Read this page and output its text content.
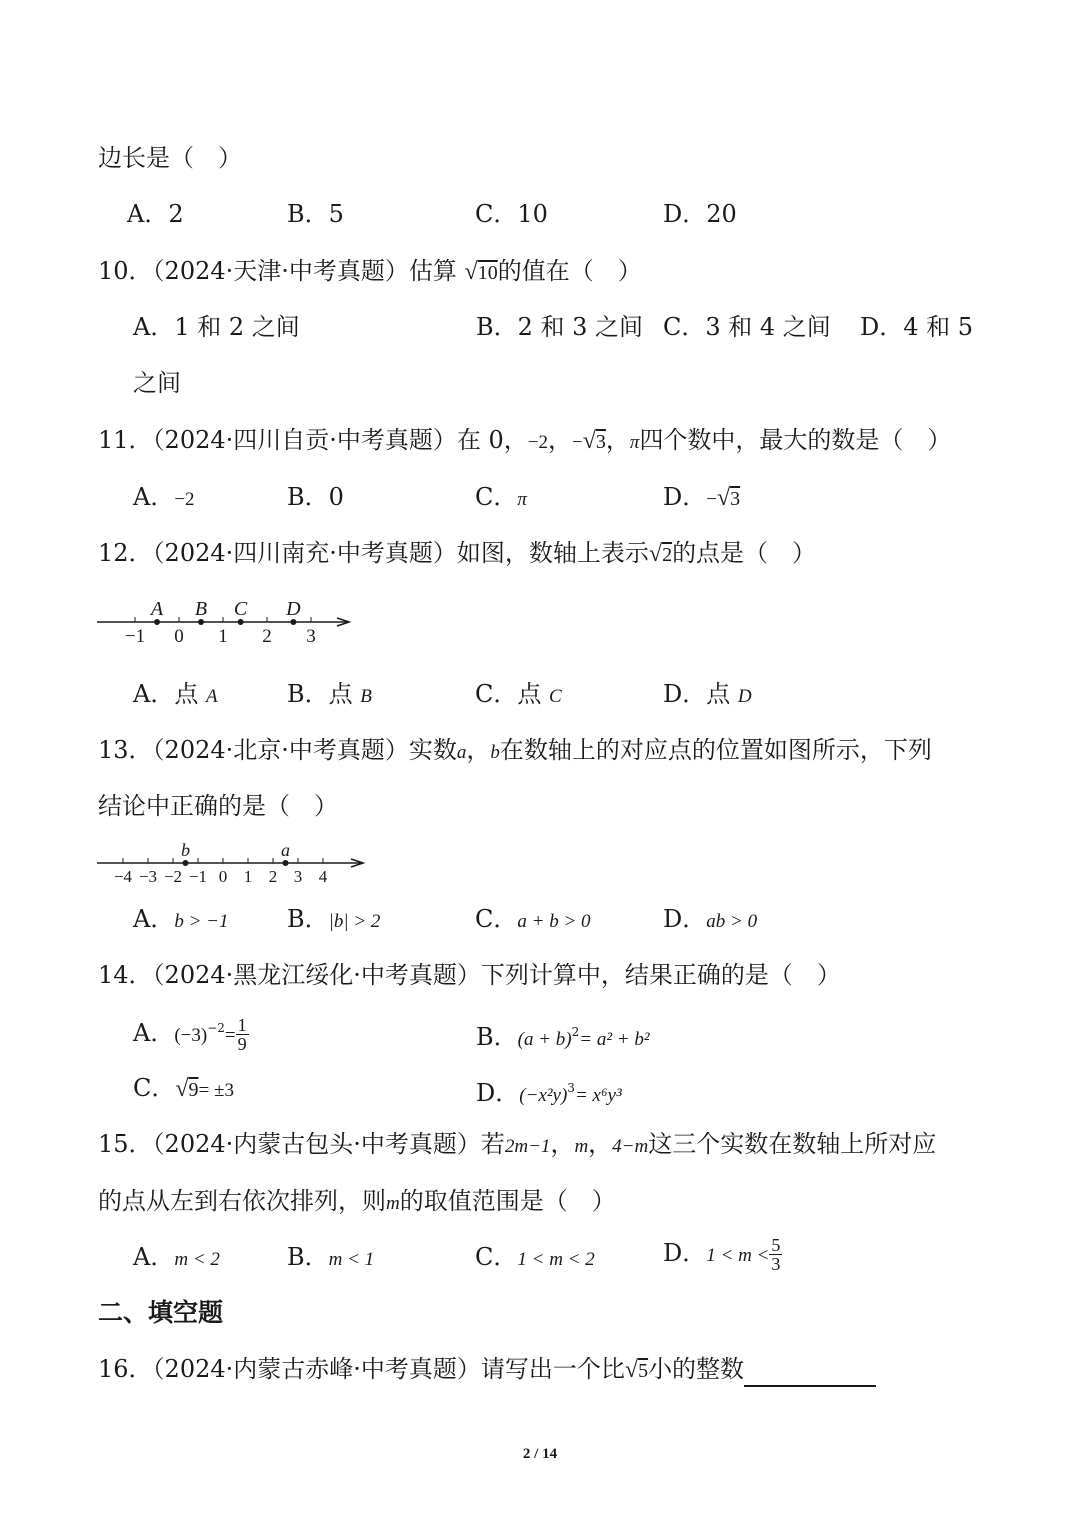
边长是（　）
A．2	B．5	C．10	D．20
10．（2024·天津·中考真题）估算 √10的值在（　）
A．1 和 2 之间	B．2 和 3 之间 C．3 和 4 之间 D．4 和 5
之间
11．（2024·四川自贡·中考真题）在 0，−2，−√3，π四个数中，最大的数是（　）
A．−2	B．0	C．π	D．−√3
12．（2024·四川南充·中考真题）如图，数轴上表示√2的点是（　）
−1 0 1 2 3
A B C D
A．点 A	B．点 B	C．点 C	D．点 D
13．（2024·北京·中考真题）实数a，b在数轴上的对应点的位置如图所示，下列
结论中正确的是（　）
−4 −3 −2 −1 0 1 2 3 4
b	a
A．b > −1 B．|b| > 2	C．a + b > 0	D．ab > 0
14．（2024·黑龙江绥化·中考真题）下列计算中，结果正确的是（　）
A．$(-3)^{-2}= \frac{1}{9}$	B．$(a + b)^2= a^2 + b^2$
C．√9= ±3	D．$(-x^2y)^3= x^6y^3$
15．（2024·内蒙古包头·中考真题）若2m−1，m，4−m这三个实数在数轴上所对应
的点从左到右依次排列，则m的取值范围是（　）
A．m < 2	B．m < 1	C．1 < m < 2	D．$1 < m < \frac{5}{3}$
二、填空题
16．（2024·内蒙古赤峰·中考真题）请写出一个比√5小的整数
2 / 14
